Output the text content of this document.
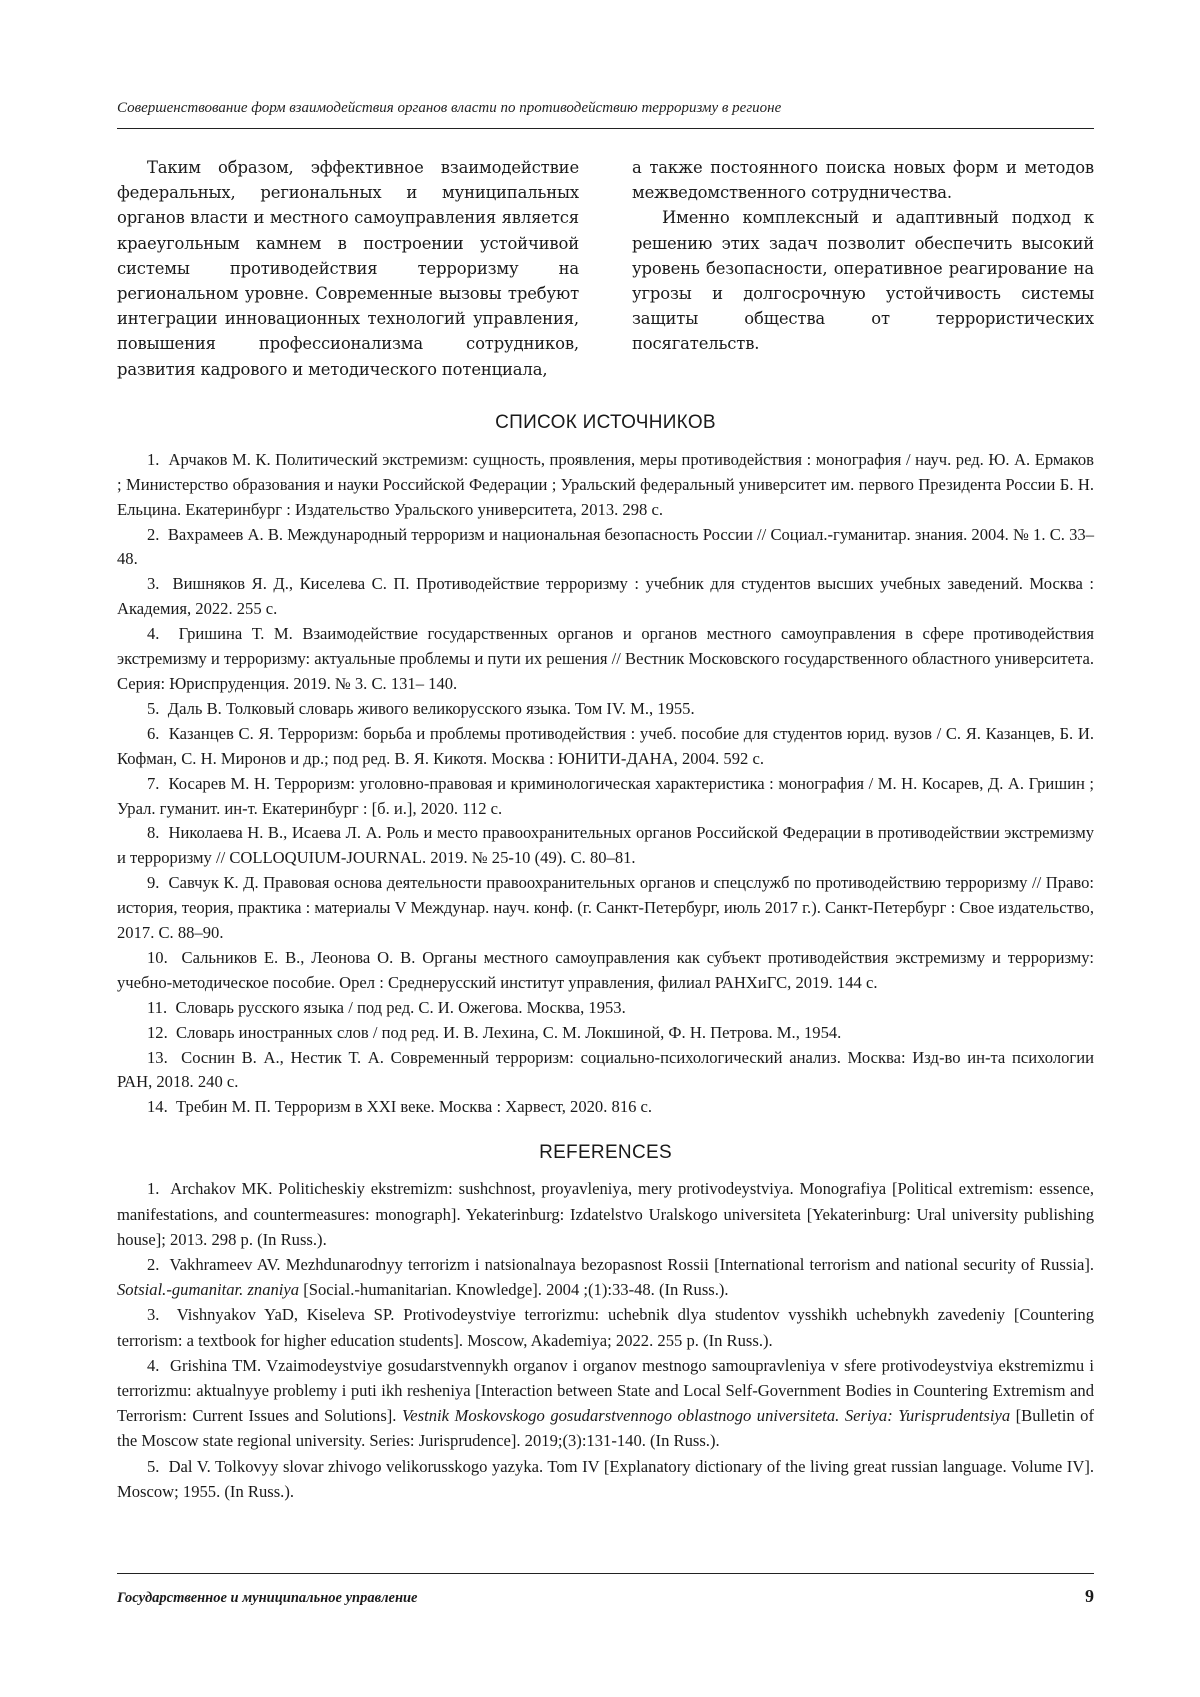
Совершенствование форм взаимодействия органов власти по противодействию терроризму в регионе

Таким образом, эффективное взаимодействие федеральных, региональных и муниципальных органов власти и местного самоуправления является краеугольным камнем в построении устойчивой системы противодействия терроризму на региональном уровне. Современные вызовы требуют интеграции инновационных технологий управления, повышения профессионализма сотрудников, развития кадрового и методического потенциала,

а также постоянного поиска новых форм и методов межведомственного сотрудничества.

Именно комплексный и адаптивный подход к решению этих задач позволит обеспечить высокий уровень безопасности, оперативное реагирование на угрозы и долгосрочную устойчивость системы защиты общества от террористических посягательств.

СПИСОК ИСТОЧНИКОВ
1. Арчаков М. К. Политический экстремизм: сущность, проявления, меры противодействия : монография / науч. ред. Ю. А. Ермаков ; Министерство образования и науки Российской Федерации ; Уральский федеральный университет им. первого Президента России Б. Н. Ельцина. Екатеринбург : Издательство Уральского университета, 2013. 298 с.
2. Вахрамеев А. В. Международный терроризм и национальная безопасность России // Социал.-гуманитар. знания. 2004. № 1. С. 33–48.
3. Вишняков Я. Д., Киселева С. П. Противодействие терроризму : учебник для студентов высших учебных заведений. Москва : Академия, 2022. 255 с.
4. Гришина Т. М. Взаимодействие государственных органов и органов местного самоуправления в сфере противодействия экстремизму и терроризму: актуальные проблемы и пути их решения // Вестник Московского государственного областного университета. Серия: Юриспруденция. 2019. № 3. С. 131– 140.
5. Даль В. Толковый словарь живого великорусского языка. Том IV. М., 1955.
6. Казанцев С. Я. Терроризм: борьба и проблемы противодействия : учеб. пособие для студентов юрид. вузов / С. Я. Казанцев, Б. И. Кофман, С. Н. Миронов и др.; под ред. В. Я. Кикотя. Москва : ЮНИТИ-ДАНА, 2004. 592 с.
7. Косарев М. Н. Терроризм: уголовно-правовая и криминологическая характеристика : монография / М. Н. Косарев, Д. А. Гришин ; Урал. гуманит. ин-т. Екатеринбург : [б. и.], 2020. 112 с.
8. Николаева Н. В., Исаева Л. А. Роль и место правоохранительных органов Российской Федерации в противодействии экстремизму и терроризму // COLLOQUIUM-JOURNAL. 2019. № 25-10 (49). С. 80–81.
9. Савчук К. Д. Правовая основа деятельности правоохранительных органов и спецслужб по противодействию терроризму // Право: история, теория, практика : материалы V Междунар. науч. конф. (г. Санкт-Петербург, июль 2017 г.). Санкт-Петербург : Свое издательство, 2017. С. 88–90.
10. Сальников Е. В., Леонова О. В. Органы местного самоуправления как субъект противодействия экстремизму и терроризму: учебно-методическое пособие. Орел : Среднерусский институт управления, филиал РАНХиГС, 2019. 144 с.
11. Словарь русского языка / под ред. С. И. Ожегова. Москва, 1953.
12. Словарь иностранных слов / под ред. И. В. Лехина, С. М. Локшиной, Ф. Н. Петрова. М., 1954.
13. Соснин В. А., Нестик Т. А. Современный терроризм: социально-психологический анализ. Москва: Изд-во ин-та психологии РАН, 2018. 240 с.
14. Требин М. П. Терроризм в XXI веке. Москва : Харвест, 2020. 816 с.
REFERENCES
1. Archakov MK. Politicheskiy ekstremizm: sushchnost, proyavleniya, mery protivodeystviya. Monografiya [Political extremism: essence, manifestations, and countermeasures: monograph]. Yekaterinburg: Izdatelstvo Uralskogo universiteta [Yekaterinburg: Ural university publishing house]; 2013. 298 p. (In Russ.).
2. Vakhrameev AV. Mezhdunarodnyy terrorizm i natsionalnaya bezopasnost Rossii [International terrorism and national security of Russia]. Sotsial.-gumanitar. znaniya [Social.-humanitarian. Knowledge]. 2004 ;(1):33-48. (In Russ.).
3. Vishnyakov YaD, Kiseleva SP. Protivodeystviye terrorizmu: uchebnik dlya studentov vysshikh uchebnykh zavedeniy [Countering terrorism: a textbook for higher education students]. Moscow, Akademiya; 2022. 255 p. (In Russ.).
4. Grishina TM. Vzaimodeystviye gosudarstvennykh organov i organov mestnogo samoupravleniya v sfere protivodeystviya ekstremizmu i terrorizmu: aktualnyye problemy i puti ikh resheniya [Interaction between State and Local Self-Government Bodies in Countering Extremism and Terrorism: Current Issues and Solutions]. Vestnik Moskovskogo gosudarstvennogo oblastnogo universiteta. Seriya: Yurisprudentsiya [Bulletin of the Moscow state regional university. Series: Jurisprudence]. 2019;(3):131-140. (In Russ.).
5. Dal V. Tolkovyy slovar zhivogo velikorusskogo yazyka. Tom IV [Explanatory dictionary of the living great russian language. Volume IV]. Moscow; 1955. (In Russ.).
Государственное и муниципальное управление	9
